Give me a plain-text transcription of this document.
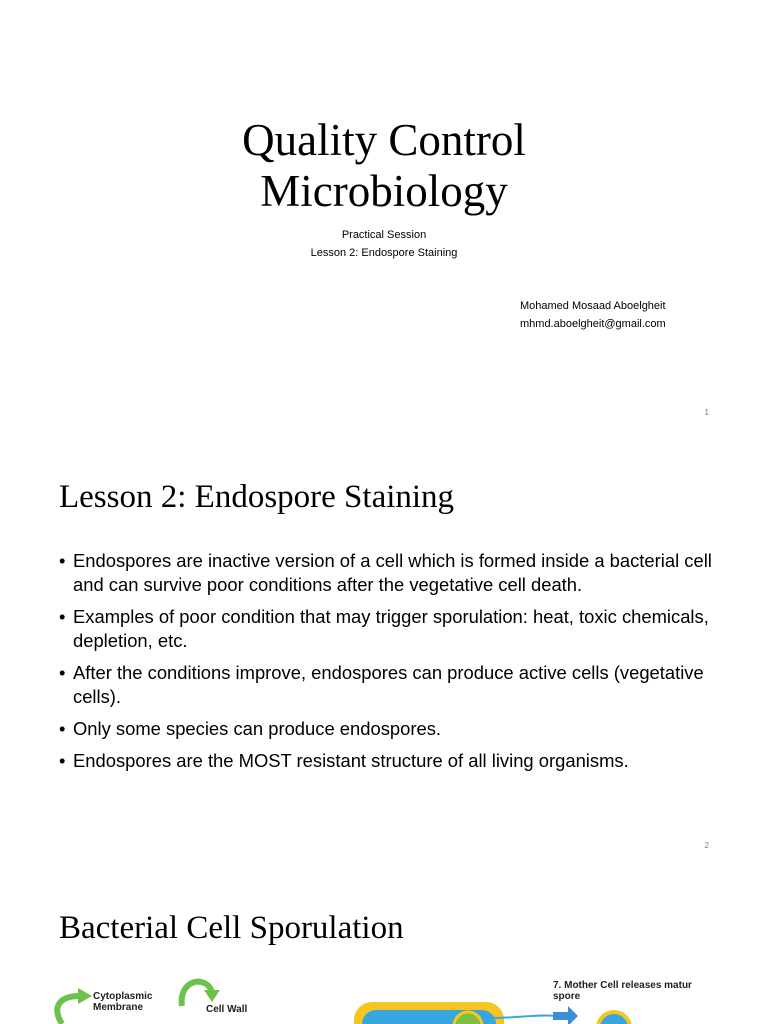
Quality Control
Microbiology
Practical Session
Lesson 2: Endospore Staining
Mohamed Mosaad Aboelgheit
mhmd.aboelgheit@gmail.com
1
Lesson 2: Endospore Staining
• Endospores are inactive version of a cell which is formed inside a bacterial cell and can survive poor conditions after the vegetative cell death.
• Examples of poor condition that may trigger sporulation: heat, toxic chemicals, depletion, etc.
• After the conditions improve, endospores can produce active cells (vegetative cells).
• Only some species can produce endospores.
• Endospores are the MOST resistant structure of all living organisms.
2
Bacterial Cell Sporulation
Cytoplasmic
Membrane	Cell Wall
7. Mother Cell releases matur
spore
